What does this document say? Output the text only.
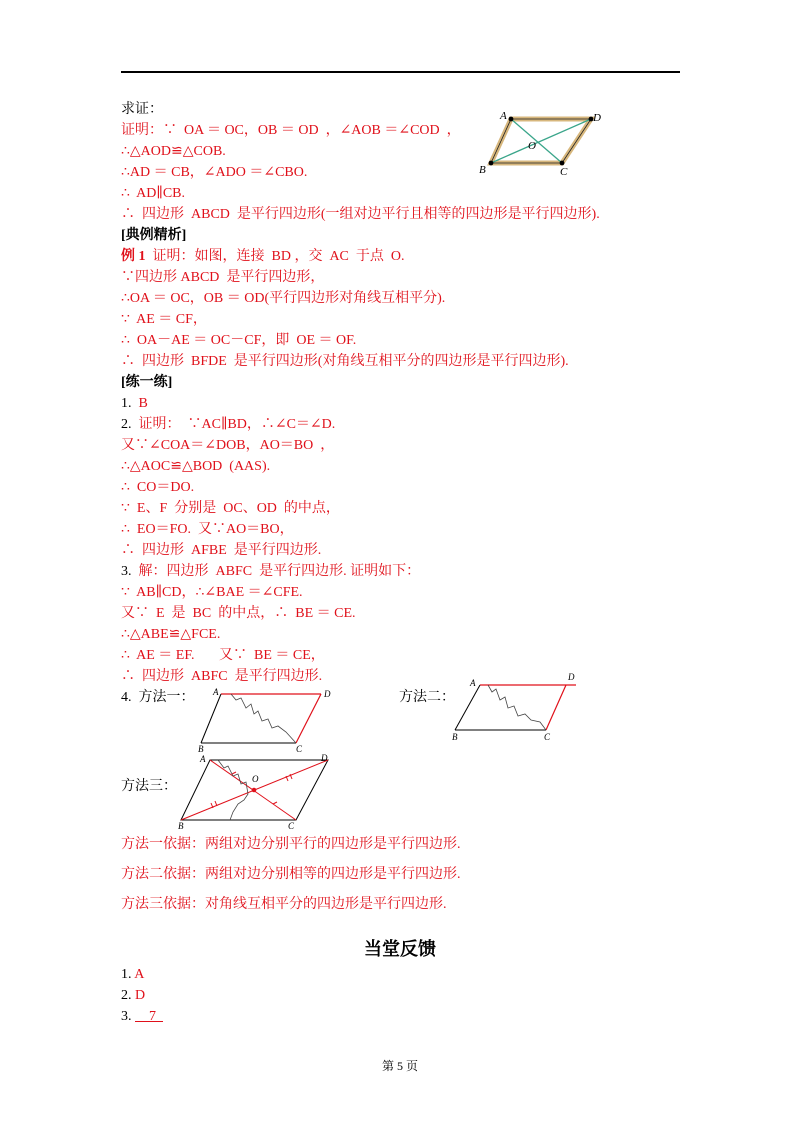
求证：
证明：∵  OA ＝ OC，OB ＝ OD  ，∠AOB ＝∠COD  ，
∴△AOD≌△COB.
∴AD ＝ CB，∠ADO ＝∠CBO.
∴  AD∥CB.
∴  四边形  ABCD  是平行四边形(一组对边平行且相等的四边形是平行四边形).
A	D
O
B	C
[典例精析]
例 1  证明：如图，连接  BD ，交  AC  于点  O.
∵四边形 ABCD  是平行四边形，
∴OA ＝ OC，OB ＝ OD(平行四边形对角线互相平分).
∵  AE ＝ CF，
∴  OA－AE ＝ OC－CF，即  OE ＝ OF.
∴  四边形  BFDE  是平行四边形(对角线互相平分的四边形是平行四边形).
[练一练]
1.  B
2.  证明：  ∵AC∥BD，∴∠C＝∠D.
又∵∠COA＝∠DOB，AO＝BO  ，
∴△AOC≌△BOD  (AAS).
∴  CO＝DO.
∵  E、F  分别是  OC、OD  的中点，
∴  EO＝FO.  又∵AO＝BO，
∴  四边形  AFBE  是平行四边形.
3.  解：四边形  ABFC  是平行四边形. 证明如下：
∵  AB∥CD，∴∠BAE ＝∠CFE.
又∵  E  是  BC  的中点，∴  BE ＝ CE.
∴△ABE≌△FCE.
∴  AE ＝ EF.       又∵  BE ＝ CE，
∴  四边形  ABFC  是平行四边形.
4.  方法一：	方法二：
A	D
B	C
A
D
B	C
方法三：
A	D
O
B	C
方法一依据：两组对边分别平行的四边形是平行四边形.
方法二依据：两组对边分别相等的四边形是平行四边形.
方法三依据：对角线互相平分的四边形是平行四边形.
当堂反馈
1. A
2. D
3.     7
第 5 页
